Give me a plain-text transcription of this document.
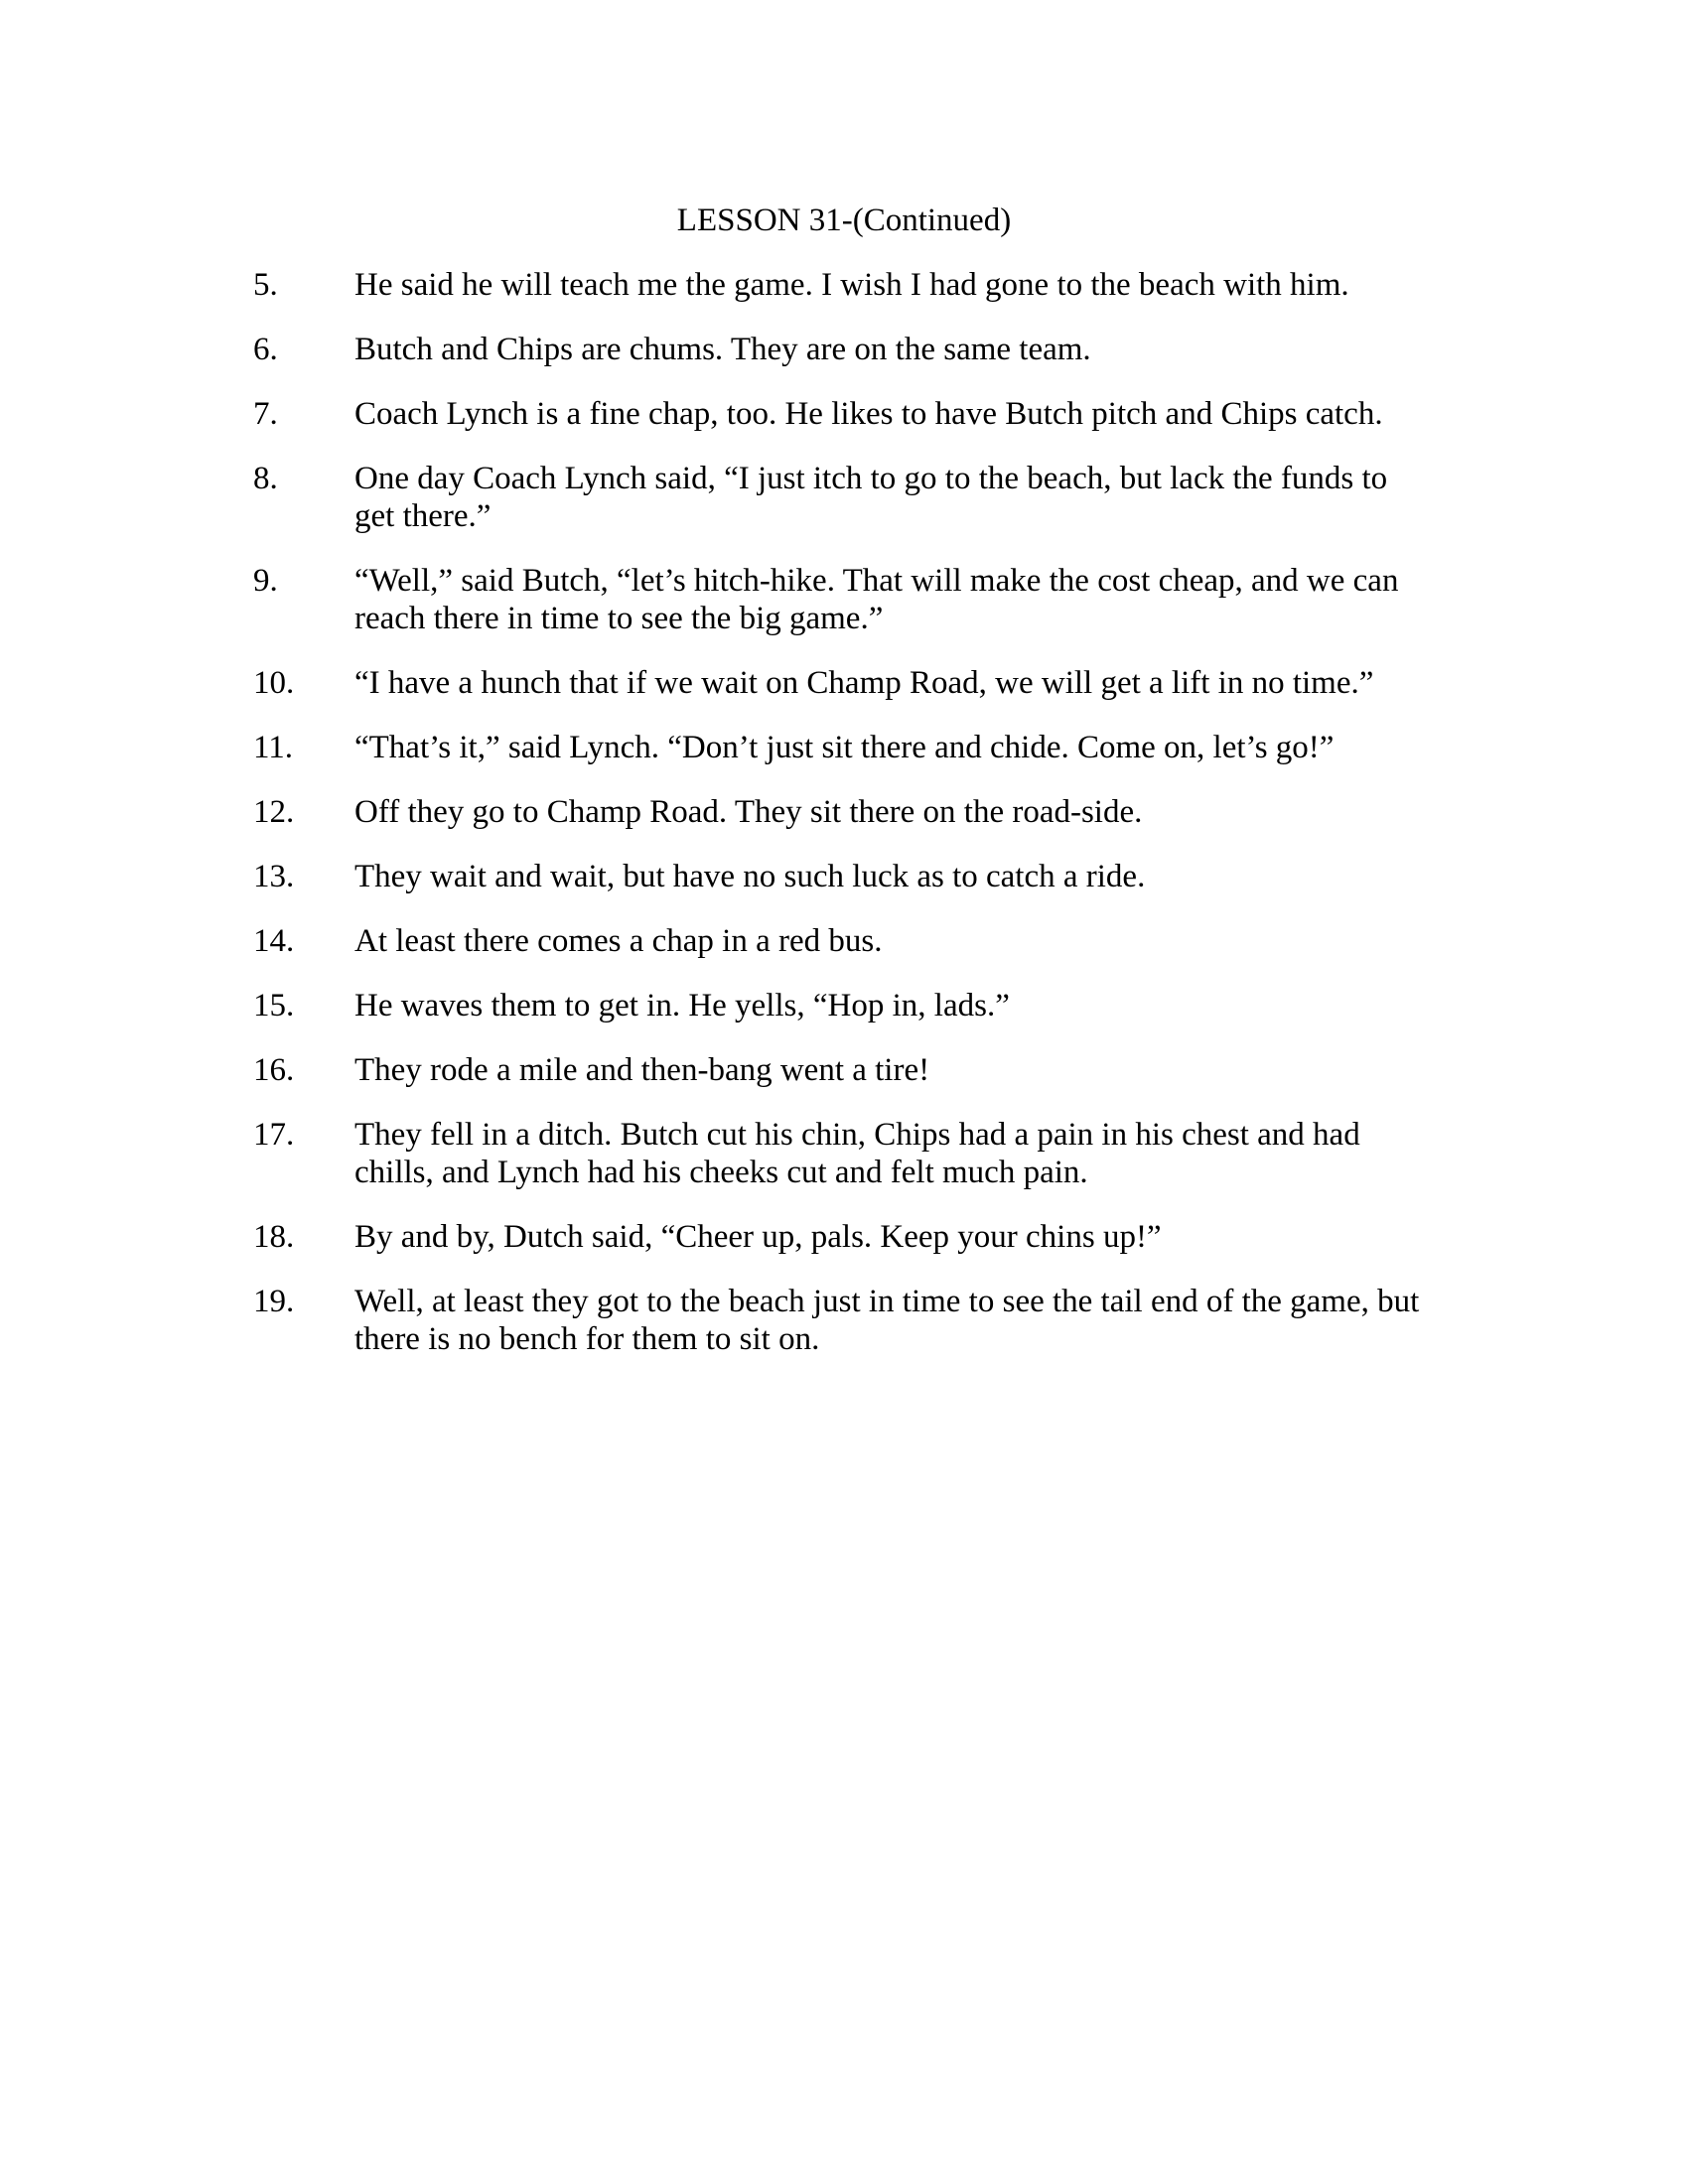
LESSON 31-(Continued)
5.	He said he will teach me the game. I wish I had gone to the beach with him.
6.	Butch and Chips are chums. They are on the same team.
7.	Coach Lynch is a fine chap, too. He likes to have Butch pitch and Chips catch.
8.	One day Coach Lynch said, “I just itch to go to the beach, but lack the funds to get there.”
9.	“Well,” said Butch, “let’s hitch-hike. That will make the cost cheap, and we can reach there in time to see the big game.”
10.	“I have a hunch that if we wait on Champ Road, we will get a lift in no time.”
11.	“That’s it,” said Lynch. “Don’t just sit there and chide. Come on, let’s go!”
12.	Off they go to Champ Road. They sit there on the road-side.
13.	They wait and wait, but have no such luck as to catch a ride.
14.	At least there comes a chap in a red bus.
15.	He waves them to get in. He yells, “Hop in, lads.”
16.	They rode a mile and then-bang went a tire!
17.	They fell in a ditch. Butch cut his chin, Chips had a pain in his chest and had chills, and Lynch had his cheeks cut and felt much pain.
18.	By and by, Dutch said, “Cheer up, pals. Keep your chins up!”
19.	Well, at least they got to the beach just in time to see the tail end of the game, but there is no bench for them to sit on.
